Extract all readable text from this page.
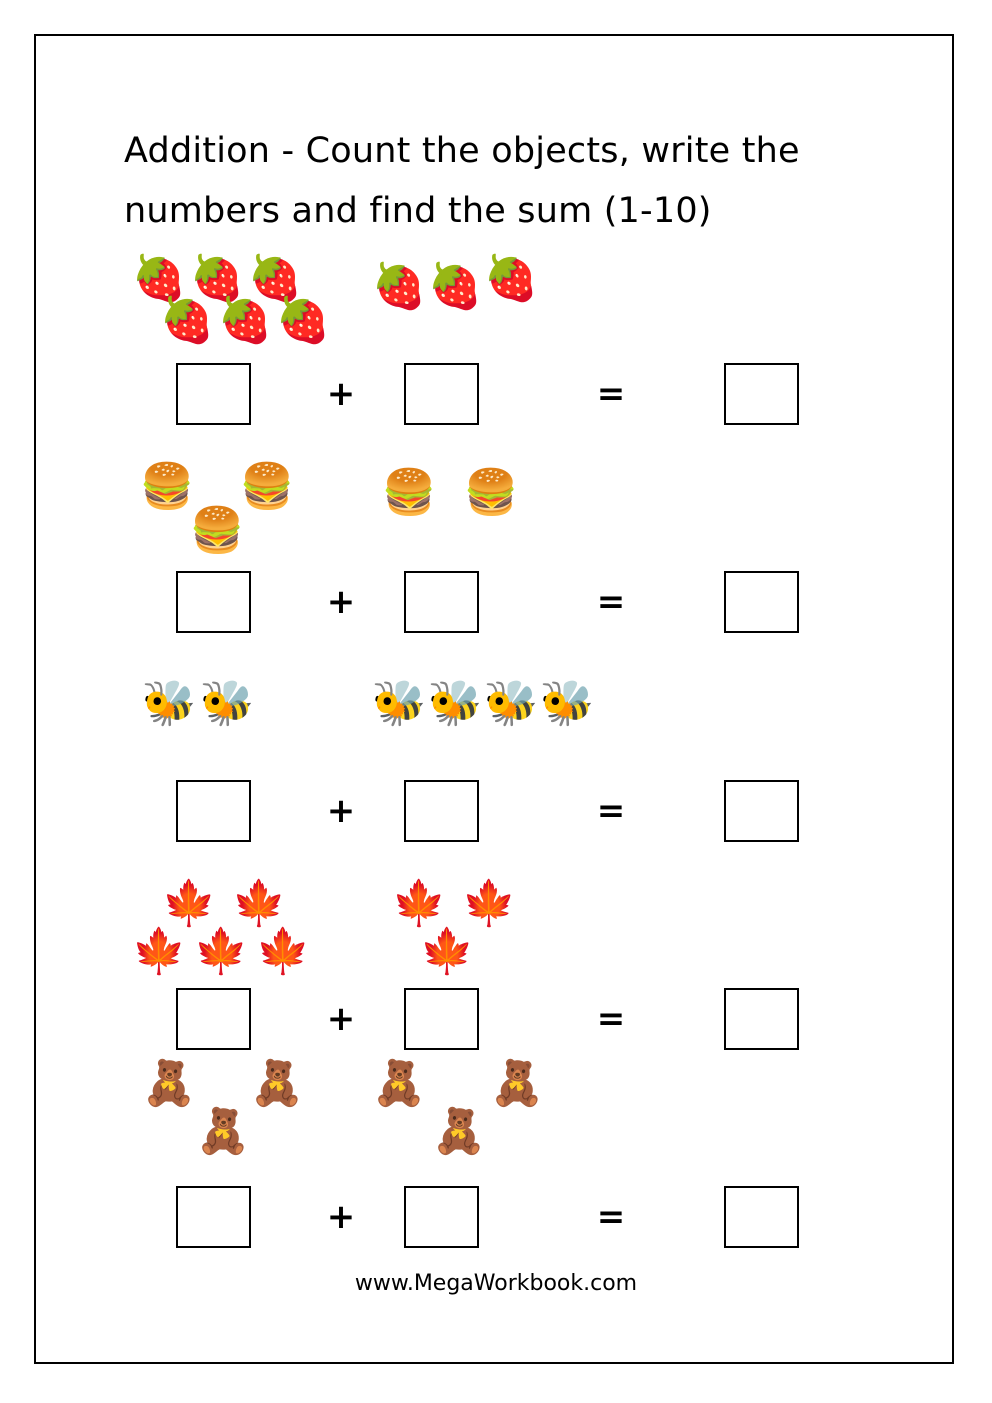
Addition - Count the objects, write the
numbers and find the sum (1-10)
🍓 🍓 🍓
🍓 🍓 🍓
🍓 🍓 🍓
+	=
🍔 🍔
🍔
🍔 🍔
+	=
🐝 🐝	🐝 🐝 🐝 🐝
+	=
🍁 🍁
🍁 🍁 🍁
🍁 🍁
🍁
+	=
🧸 🧸
🧸
🧸 🧸
🧸
+	=
www.MegaWorkbook.com
